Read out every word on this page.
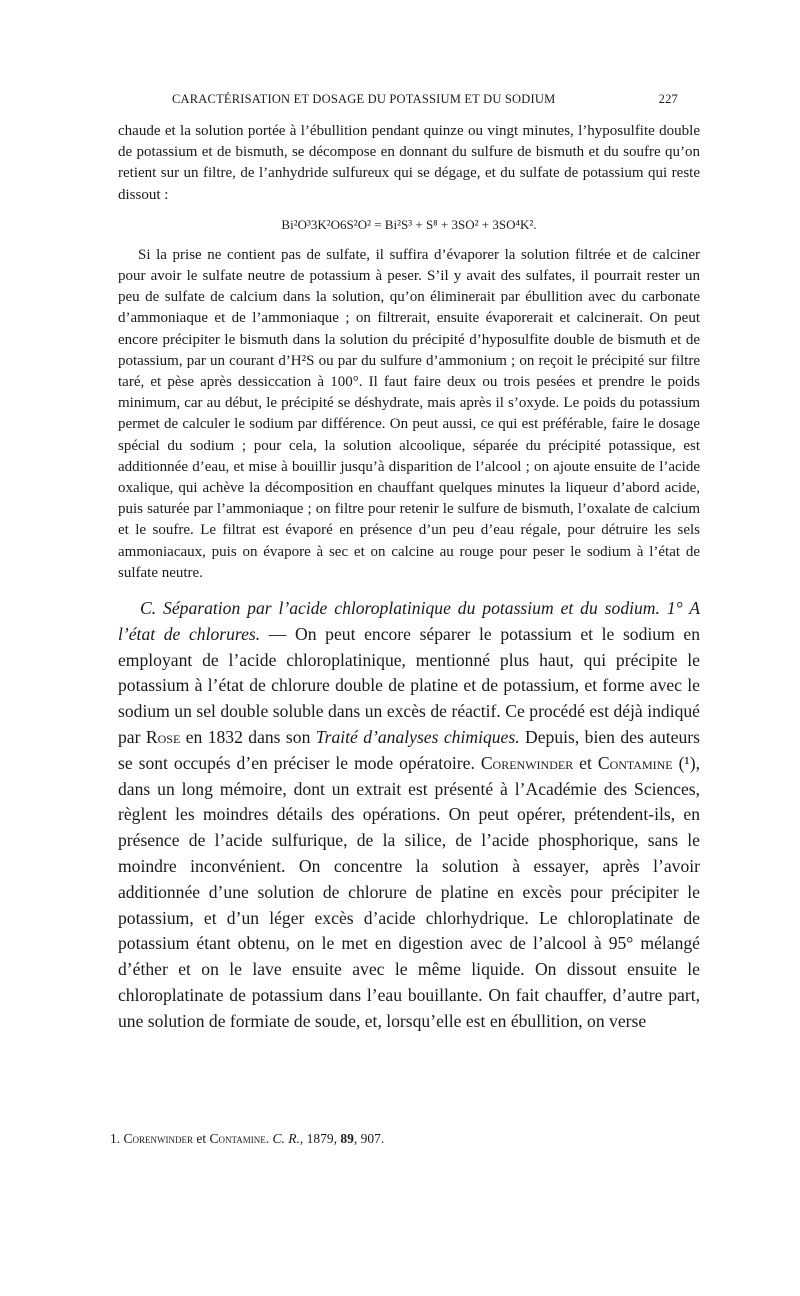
CARACTÉRISATION ET DOSAGE DU POTASSIUM ET DU SODIUM	227

chaude et la solution portée à l’ébullition pendant quinze ou vingt minutes, l’hyposulfite double de potassium et de bismuth, se décompose en donnant du sulfure de bismuth et du soufre qu’on retient sur un filtre, de l’anhydride sulfureux qui se dégage, et du sulfate de potassium qui reste dissout :

Bi²O³3K²O6S²O² = Bi²S³ + S⁸ + 3SO² + 3SO⁴K².

Si la prise ne contient pas de sulfate, il suffira d’évaporer la solution filtrée et de calciner pour avoir le sulfate neutre de potassium à peser. S’il y avait des sulfates, il pourrait rester un peu de sulfate de calcium dans la solution, qu’on éliminerait par ébullition avec du carbonate d’ammoniaque et de l’ammoniaque ; on filtrerait, ensuite évaporerait et calcinerait. On peut encore précipiter le bismuth dans la solution du précipité d’hyposulfite double de bismuth et de potassium, par un courant d’H²S ou par du sulfure d’ammonium ; on reçoit le précipité sur filtre taré, et pèse après dessiccation à 100°. Il faut faire deux ou trois pesées et prendre le poids minimum, car au début, le précipité se déshydrate, mais après il s’oxyde. Le poids du potassium permet de calculer le sodium par différence. On peut aussi, ce qui est préférable, faire le dosage spécial du sodium ; pour cela, la solution alcoolique, séparée du précipité potassique, est additionnée d’eau, et mise à bouillir jusqu’à disparition de l’alcool ; on ajoute ensuite de l’acide oxalique, qui achève la décomposition en chauffant quelques minutes la liqueur d’abord acide, puis saturée par l’ammoniaque ; on filtre pour retenir le sulfure de bismuth, l’oxalate de calcium et le soufre. Le filtrat est évaporé en présence d’un peu d’eau régale, pour détruire les sels ammoniacaux, puis on évapore à sec et on calcine au rouge pour peser le sodium à l’état de sulfate neutre.

C. Séparation par l’acide chloroplatinique du potassium et du sodium. 1° A l’état de chlorures. — On peut encore séparer le potassium et le sodium en employant de l’acide chloroplatinique, mentionné plus haut, qui précipite le potassium à l’état de chlorure double de platine et de potassium, et forme avec le sodium un sel double soluble dans un excès de réactif. Ce procédé est déjà indiqué par Rose en 1832 dans son Traité d’analyses chimiques. Depuis, bien des auteurs se sont occupés d’en préciser le mode opératoire. Corenwinder et Contamine (¹), dans un long mémoire, dont un extrait est présenté à l’Académie des Sciences, règlent les moindres détails des opérations. On peut opérer, prétendent-ils, en présence de l’acide sulfurique, de la silice, de l’acide phosphorique, sans le moindre inconvénient. On concentre la solution à essayer, après l’avoir additionnée d’une solution de chlorure de platine en excès pour précipiter le potassium, et d’un léger excès d’acide chlorhydrique. Le chloroplatinate de potassium étant obtenu, on le met en digestion avec de l’alcool à 95° mélangé d’éther et on le lave ensuite avec le même liquide. On dissout ensuite le chloroplatinate de potassium dans l’eau bouillante. On fait chauffer, d’autre part, une solution de formiate de soude, et, lorsqu’elle est en ébullition, on verse

1. Corenwinder et Contamine. C. R., 1879, 89, 907.
